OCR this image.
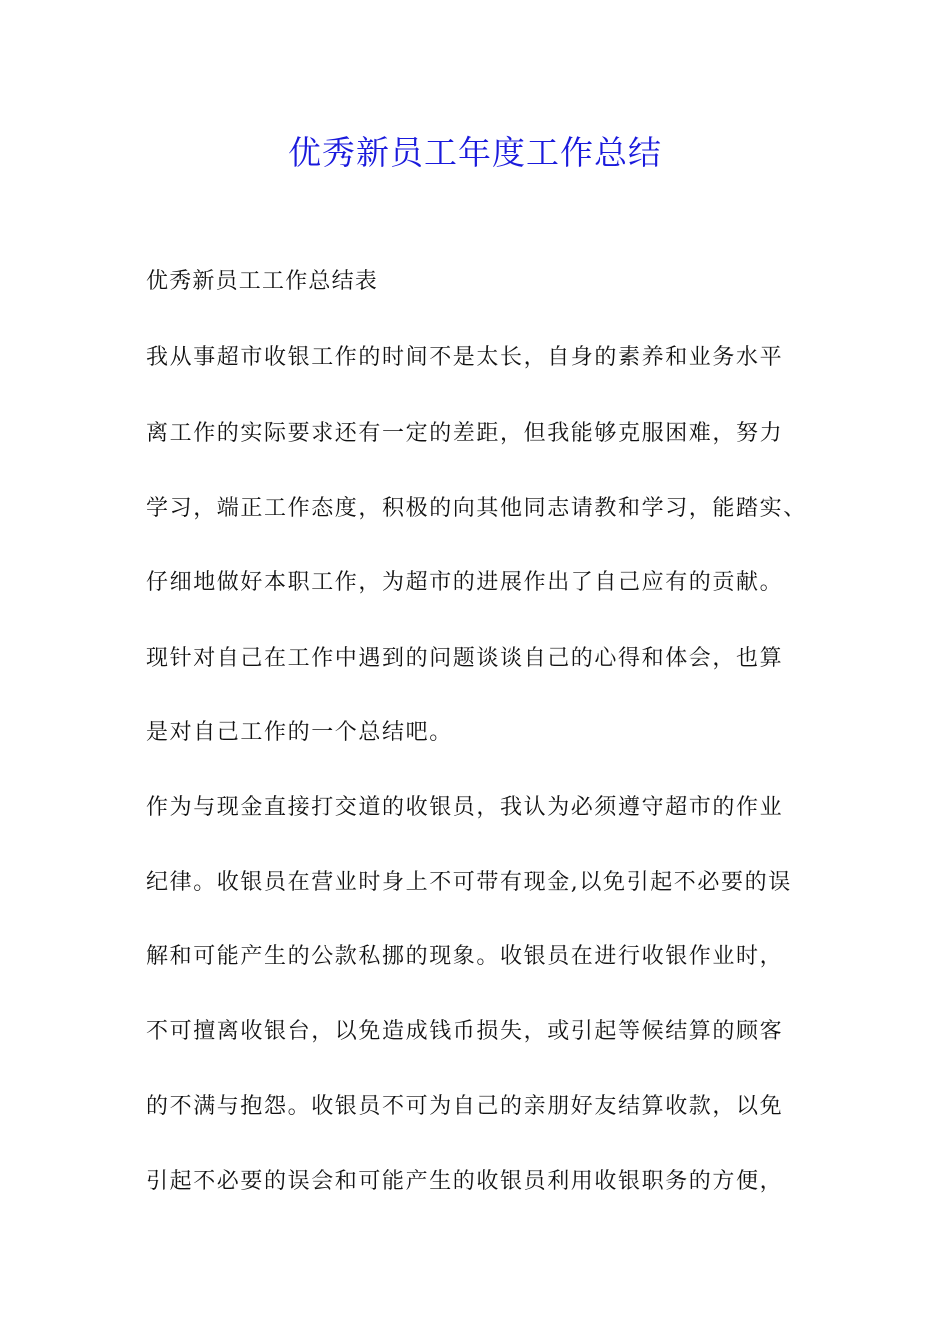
优秀新员工年度工作总结
优秀新员工工作总结表
我从事超市收银工作的时间不是太长，自身的素养和业务水平
离工作的实际要求还有一定的差距，但我能够克服困难，努力
学习，端正工作态度，积极的向其他同志请教和学习，能踏实、
仔细地做好本职工作，为超市的进展作出了自己应有的贡献。
现针对自己在工作中遇到的问题谈谈自己的心得和体会，也算
是对自己工作的一个总结吧。
作为与现金直接打交道的收银员，我认为必须遵守超市的作业
纪律。收银员在营业时身上不可带有现金,以免引起不必要的误
解和可能产生的公款私挪的现象。收银员在进行收银作业时，
不可擅离收银台，以免造成钱币损失，或引起等候结算的顾客
的不满与抱怨。收银员不可为自己的亲朋好友结算收款，以免
引起不必要的误会和可能产生的收银员利用收银职务的方便，
